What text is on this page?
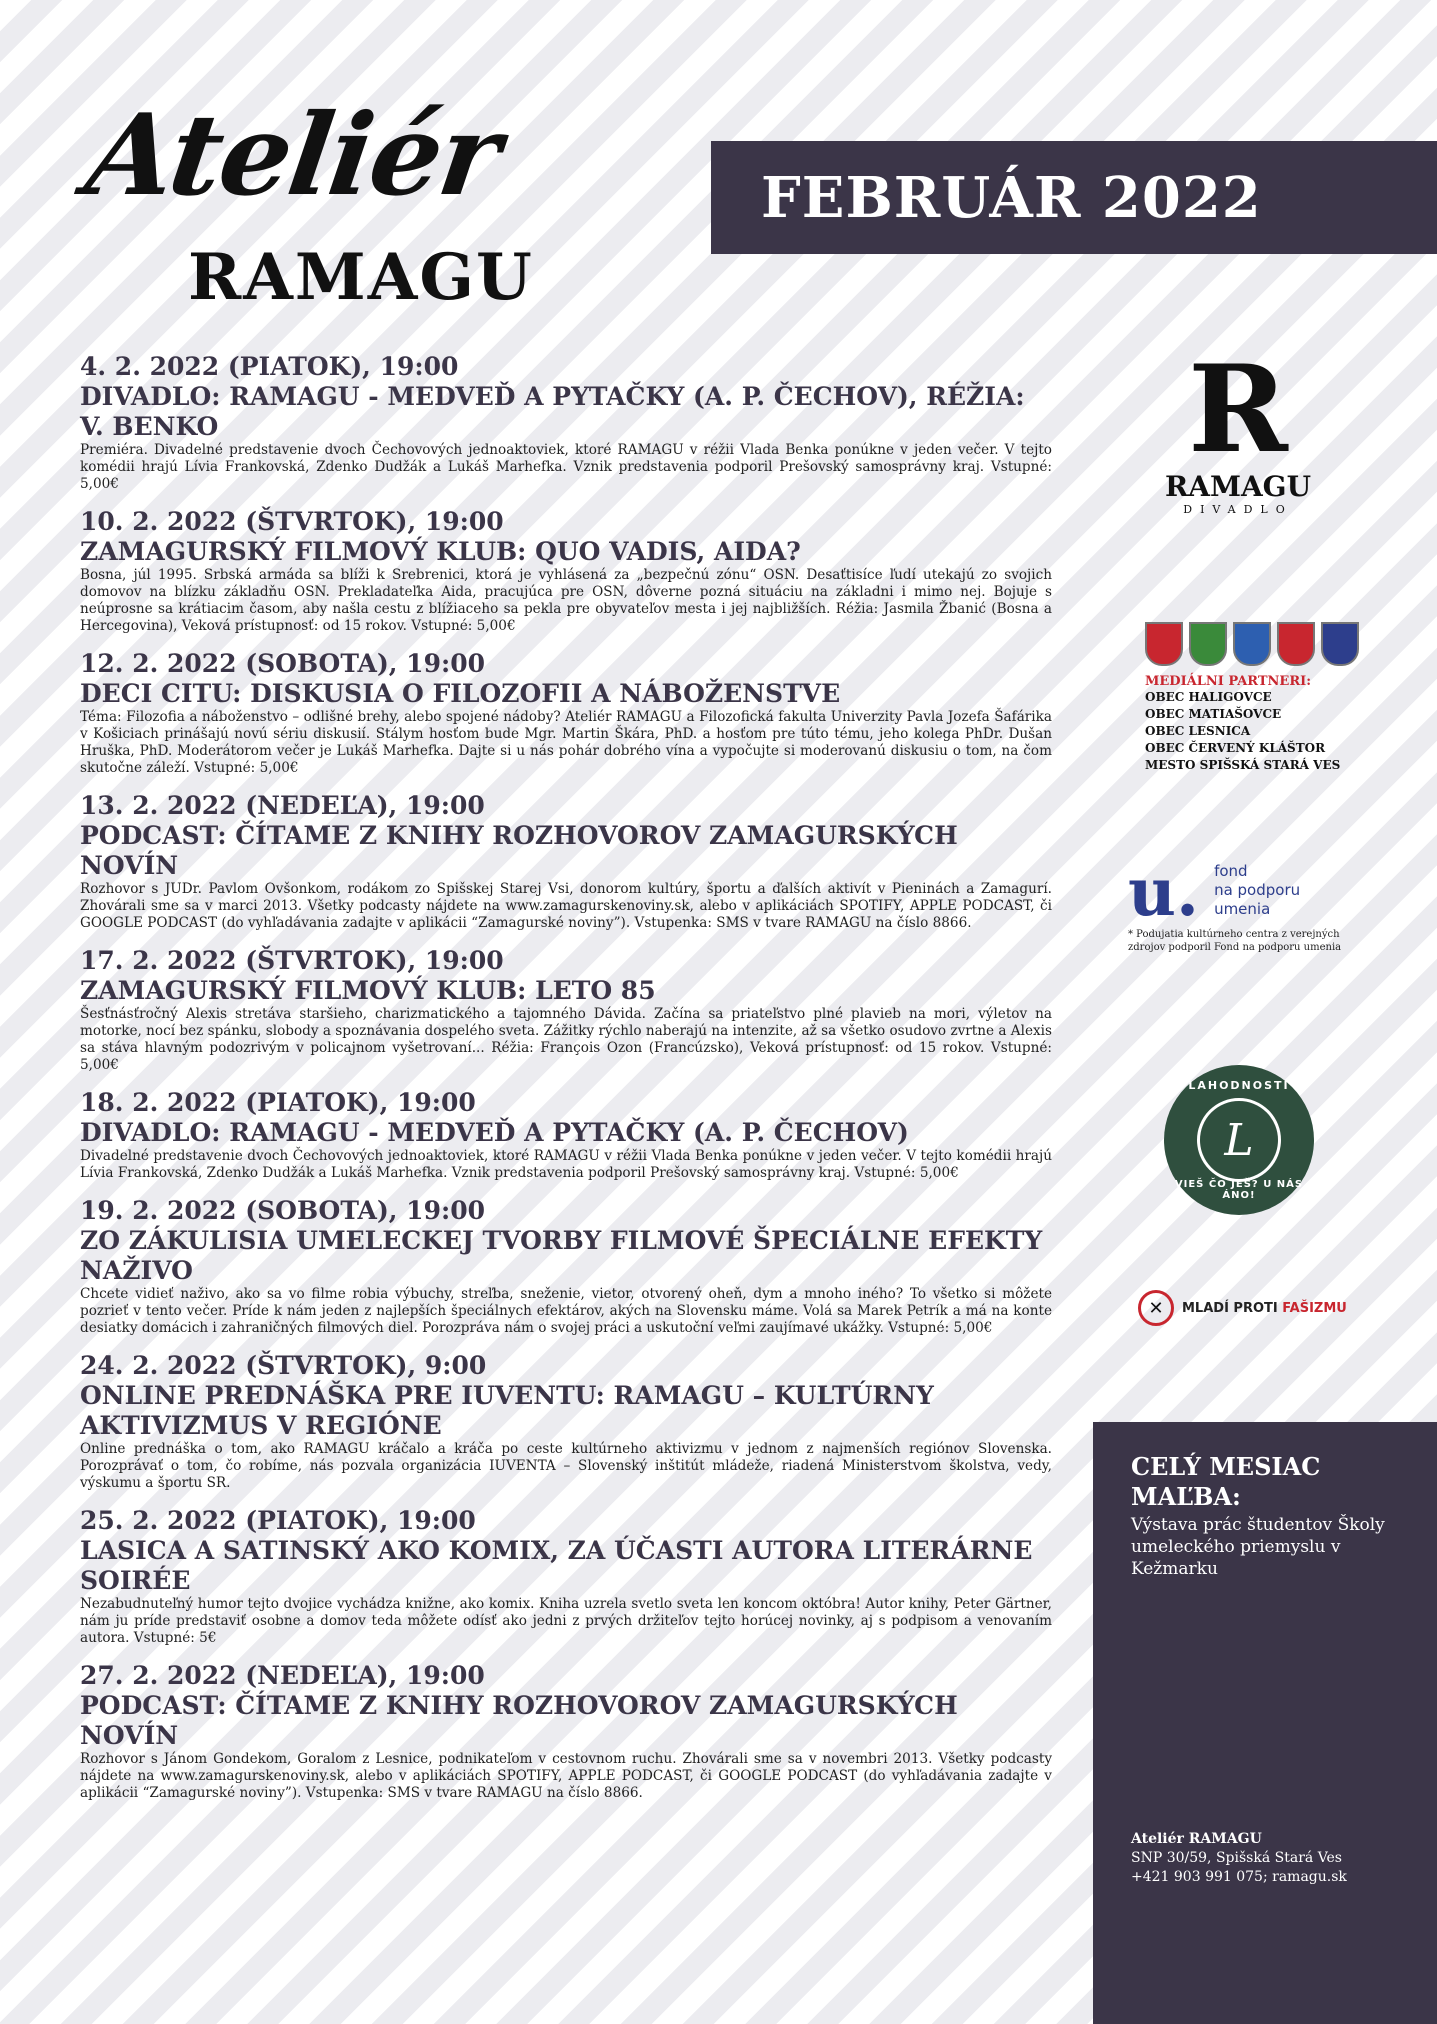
Ateliér
RAMAGU
FEBRUÁR 2022
4. 2. 2022 (PIATOK), 19:00
DIVADLO: RAMAGU - MEDVEĎ A PYTAČKY (A. P. ČECHOV), RÉŽIA: V. BENKO
Premiéra. Divadelné predstavenie dvoch Čechovových jednoaktoviek, ktoré RAMAGU v réžii Vlada Benka ponúkne v jeden večer. V tejto komédii hrajú Lívia Frankovská, Zdenko Dudžák a Lukáš Marhefka. Vznik predstavenia podporil Prešovský samosprávny kraj. Vstupné: 5,00€
10. 2. 2022 (ŠTVRTOK), 19:00
ZAMAGURSKÝ FILMOVÝ KLUB: QUO VADIS, AIDA?
Bosna, júl 1995. Srbská armáda sa blíži k Srebrenici, ktorá je vyhlásená za „bezpečnú zónu“ OSN. Desaťtisíce ľudí utekajú zo svojich domovov na blízku základňu OSN. Prekladateľka Aida, pracujúca pre OSN, dôverne pozná situáciu na základni i mimo nej. Bojuje s neúprosne sa krátiacim časom, aby našla cestu z blížiaceho sa pekla pre obyvateľov mesta i jej najbližších. Réžia: Jasmila Žbanić (Bosna a Hercegovina), Veková prístupnosť: od 15 rokov. Vstupné: 5,00€
12. 2. 2022 (SOBOTA), 19:00
DECI CITU: DISKUSIA O FILOZOFII A NÁBOŽENSTVE
Téma: Filozofia a náboženstvo – odlišné brehy, alebo spojené nádoby? Ateliér RAMAGU a Filozofická fakulta Univerzity Pavla Jozefa Šafárika v Košiciach prinášajú novú sériu diskusií. Stálym hosťom bude Mgr. Martin Škára, PhD. a hosťom pre túto tému, jeho kolega PhDr. Dušan Hruška, PhD. Moderátorom večer je Lukáš Marhefka. Dajte si u nás pohár dobrého vína a vypočujte si moderovanú diskusiu o tom, na čom skutočne záleží. Vstupné: 5,00€
13. 2. 2022 (NEDEĽA), 19:00
PODCAST: ČÍTAME Z KNIHY ROZHOVOROV ZAMAGURSKÝCH NOVÍN
Rozhovor s JUDr. Pavlom Ovšonkom, rodákom zo Spišskej Starej Vsi, donorom kultúry, športu a ďalších aktivít v Pieninách a Zamagurí. Zhovárali sme sa v marci 2013. Všetky podcasty nájdete na www.zamagurskenoviny.sk, alebo v aplikáciách SPOTIFY, APPLE PODCAST, či GOOGLE PODCAST (do vyhľadávania zadajte v aplikácii “Zamagurské noviny”). Vstupenka: SMS v tvare RAMAGU na číslo 8866.
17. 2. 2022 (ŠTVRTOK), 19:00
ZAMAGURSKÝ FILMOVÝ KLUB: LETO 85
Šesťnásťročný Alexis stretáva staršieho, charizmatického a tajomného Dávida. Začína sa priateľstvo plné plavieb na mori, výletov na motorke, nocí bez spánku, slobody a spoznávania dospelého sveta. Zážitky rýchlo naberajú na intenzite, až sa všetko osudovo zvrtne a Alexis sa stáva hlavným podozrivým v policajnom vyšetrovaní... Réžia: François Ozon (Francúzsko), Veková prístupnosť: od 15 rokov. Vstupné: 5,00€
18. 2. 2022 (PIATOK), 19:00
DIVADLO: RAMAGU - MEDVEĎ A PYTAČKY (A. P. ČECHOV)
Divadelné predstavenie dvoch Čechovových jednoaktoviek, ktoré RAMAGU v réžii Vlada Benka ponúkne v jeden večer. V tejto komédii hrajú Lívia Frankovská, Zdenko Dudžák a Lukáš Marhefka. Vznik predstavenia podporil Prešovský samosprávny kraj. Vstupné: 5,00€
19. 2. 2022 (SOBOTA), 19:00
ZO ZÁKULISIA UMELECKEJ TVORBY FILMOVÉ ŠPECIÁLNE EFEKTY NAŽIVO
Chcete vidieť naživo, ako sa vo filme robia výbuchy, streľba, sneženie, vietor, otvorený oheň, dym a mnoho iného? To všetko si môžete pozrieť v tento večer. Príde k nám jeden z najlepších špeciálnych efektárov, akých na Slovensku máme. Volá sa Marek Petrík a má na konte desiatky domácich i zahraničných filmových diel. Porozpráva nám o svojej práci a uskutoční veľmi zaujímavé ukážky. Vstupné: 5,00€
24. 2. 2022 (ŠTVRTOK), 9:00
ONLINE PREDNÁŠKA PRE IUVENTU: RAMAGU – KULTÚRNY AKTIVIZMUS V REGIÓNE
Online prednáška o tom, ako RAMAGU kráčalo a kráča po ceste kultúrneho aktivizmu v jednom z najmenších regiónov Slovenska. Porozprávať o tom, čo robíme, nás pozvala organizácia IUVENTA – Slovenský inštitút mládeže, riadená Ministerstvom školstva, vedy, výskumu a športu SR.
25. 2. 2022 (PIATOK), 19:00
LASICA A SATINSKÝ AKO KOMIX, ZA ÚČASTI AUTORA LITERÁRNE SOIRÉE
Nezabudnuteľný humor tejto dvojice vychádza knižne, ako komix. Kniha uzrela svetlo sveta len koncom októbra! Autor knihy, Peter Gärtner, nám ju príde predstaviť osobne a domov teda môžete odísť ako jedni z prvých držiteľov tejto horúcej novinky, aj s podpisom a venovaním autora. Vstupné: 5€
27. 2. 2022 (NEDEĽA), 19:00
PODCAST: ČÍTAME Z KNIHY ROZHOVOROV ZAMAGURSKÝCH NOVÍN
Rozhovor s Jánom Gondekom, Goralom z Lesnice, podnikateľom v cestovnom ruchu. Zhovárali sme sa v novembri 2013. Všetky podcasty nájdete na www.zamagurskenoviny.sk, alebo v aplikáciách SPOTIFY, APPLE PODCAST, či GOOGLE PODCAST (do vyhľadávania zadajte v aplikácii “Zamagurské noviny”). Vstupenka: SMS v tvare RAMAGU na číslo 8866.
R
RAMAGU
DIVADLO
MEDIÁLNI PARTNERI:
OBEC HALIGOVCE
OBEC MATIAŠOVCE
OBEC LESNICA
OBEC ČERVENÝ KLÁŠTOR
MESTO SPIŠSKÁ STARÁ VES
u. fond
na podporu
umenia
* Podujatia kultúrneho centra z verejných zdrojov podporil Fond na podporu umenia
LAHODNOSTI
L
VIEŠ ČO JEŠ? U NÁS ÁNO!
✕	MLADÍ PROTI FAŠIZMU
CELÝ MESIAC
MAĽBA:
Výstava prác študentov Školy umeleckého priemyslu v Kežmarku
Ateliér RAMAGU
SNP 30/59, Spišská Stará Ves
+421 903 991 075; ramagu.sk
